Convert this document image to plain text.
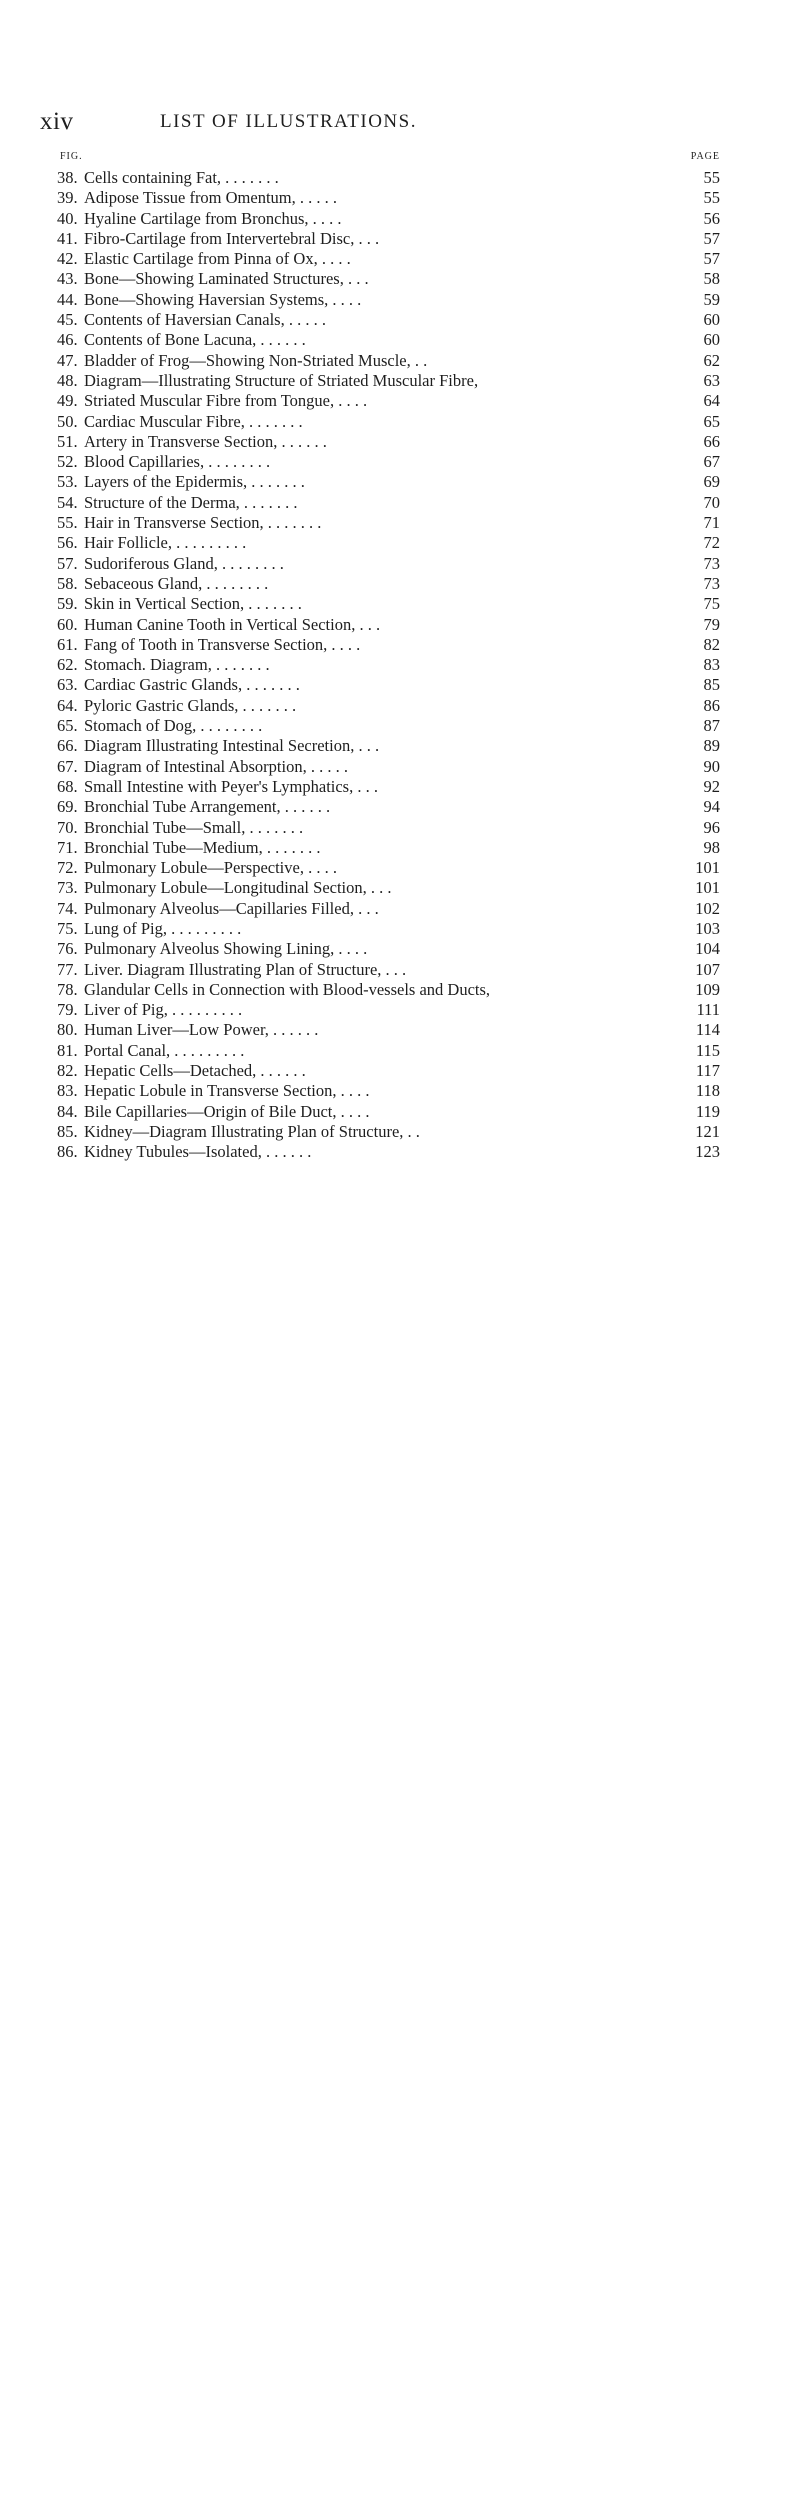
xiv	LIST OF ILLUSTRATIONS.
FIG.	PAGE
38. Cells containing Fat, . . . . . . .	55
39. Adipose Tissue from Omentum, . . . . .	55
40. Hyaline Cartilage from Bronchus, . . . .	56
41. Fibro-Cartilage from Intervertebral Disc, . . .	57
42. Elastic Cartilage from Pinna of Ox, . . . .	57
43. Bone—Showing Laminated Structures, . . .	58
44. Bone—Showing Haversian Systems, . . . .	59
45. Contents of Haversian Canals, . . . . .	60
46. Contents of Bone Lacuna, . . . . . .	60
47. Bladder of Frog—Showing Non-Striated Muscle, . .	62
48. Diagram—Illustrating Structure of Striated Muscular Fibre,	63
49. Striated Muscular Fibre from Tongue, . . . .	64
50. Cardiac Muscular Fibre, . . . . . . .	65
51. Artery in Transverse Section, . . . . . .	66
52. Blood Capillaries, . . . . . . . .	67
53. Layers of the Epidermis, . . . . . . .	69
54. Structure of the Derma, . . . . . . .	70
55. Hair in Transverse Section, . . . . . . .	71
56. Hair Follicle, . . . . . . . . .	72
57. Sudoriferous Gland, . . . . . . . .	73
58. Sebaceous Gland, . . . . . . . .	73
59. Skin in Vertical Section, . . . . . . .	75
60. Human Canine Tooth in Vertical Section, . . .	79
61. Fang of Tooth in Transverse Section, . . . .	82
62. Stomach. Diagram, . . . . . . .	83
63. Cardiac Gastric Glands, . . . . . . .	85
64. Pyloric Gastric Glands, . . . . . . .	86
65. Stomach of Dog, . . . . . . . .	87
66. Diagram Illustrating Intestinal Secretion, . . .	89
67. Diagram of Intestinal Absorption, . . . . .	90
68. Small Intestine with Peyer's Lymphatics, . . .	92
69. Bronchial Tube Arrangement, . . . . . .	94
70. Bronchial Tube—Small, . . . . . . .	96
71. Bronchial Tube—Medium, . . . . . . .	98
72. Pulmonary Lobule—Perspective, . . . .	101
73. Pulmonary Lobule—Longitudinal Section, . . .	101
74. Pulmonary Alveolus—Capillaries Filled, . . .	102
75. Lung of Pig, . . . . . . . . .	103
76. Pulmonary Alveolus Showing Lining, . . . .	104
77. Liver. Diagram Illustrating Plan of Structure, . . .	107
78. Glandular Cells in Connection with Blood-vessels and Ducts,	109
79. Liver of Pig, . . . . . . . . .	111
80. Human Liver—Low Power, . . . . . .	114
81. Portal Canal, . . . . . . . . .	115
82. Hepatic Cells—Detached, . . . . . .	117
83. Hepatic Lobule in Transverse Section, . . . .	118
84. Bile Capillaries—Origin of Bile Duct, . . . .	119
85. Kidney—Diagram Illustrating Plan of Structure, . .	121
86. Kidney Tubules—Isolated, . . . . . .	123
